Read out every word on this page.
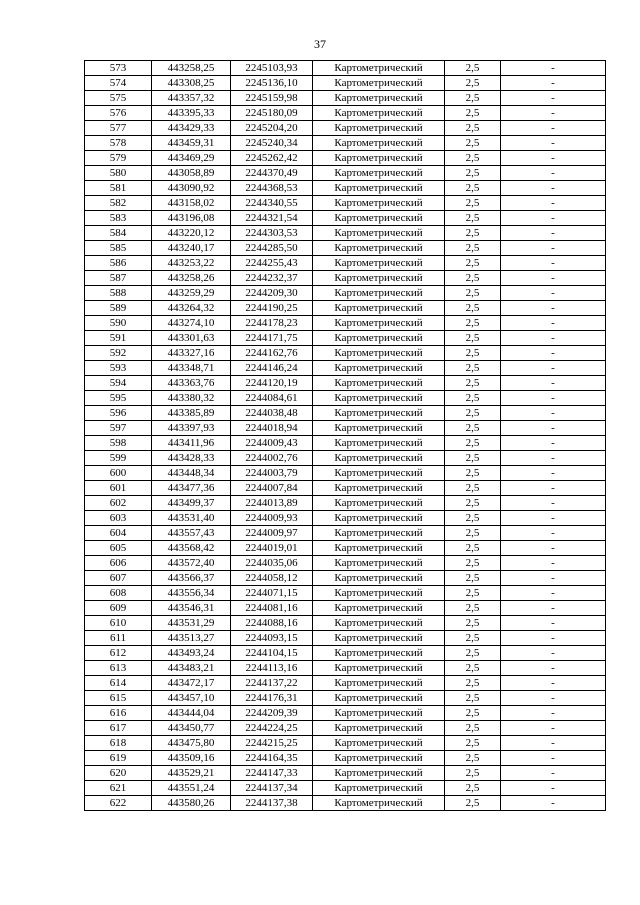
37
573	443258,25	2245103,93	Картометрический	2,5	-
574	443308,25	2245136,10	Картометрический	2,5	-
575	443357,32	2245159,98	Картометрический	2,5	-
576	443395,33	2245180,09	Картометрический	2,5	-
577	443429,33	2245204,20	Картометрический	2,5	-
578	443459,31	2245240,34	Картометрический	2,5	-
579	443469,29	2245262,42	Картометрический	2,5	-
580	443058,89	2244370,49	Картометрический	2,5	-
581	443090,92	2244368,53	Картометрический	2,5	-
582	443158,02	2244340,55	Картометрический	2,5	-
583	443196,08	2244321,54	Картометрический	2,5	-
584	443220,12	2244303,53	Картометрический	2,5	-
585	443240,17	2244285,50	Картометрический	2,5	-
586	443253,22	2244255,43	Картометрический	2,5	-
587	443258,26	2244232,37	Картометрический	2,5	-
588	443259,29	2244209,30	Картометрический	2,5	-
589	443264,32	2244190,25	Картометрический	2,5	-
590	443274,10	2244178,23	Картометрический	2,5	-
591	443301,63	2244171,75	Картометрический	2,5	-
592	443327,16	2244162,76	Картометрический	2,5	-
593	443348,71	2244146,24	Картометрический	2,5	-
594	443363,76	2244120,19	Картометрический	2,5	-
595	443380,32	2244084,61	Картометрический	2,5	-
596	443385,89	2244038,48	Картометрический	2,5	-
597	443397,93	2244018,94	Картометрический	2,5	-
598	443411,96	2244009,43	Картометрический	2,5	-
599	443428,33	2244002,76	Картометрический	2,5	-
600	443448,34	2244003,79	Картометрический	2,5	-
601	443477,36	2244007,84	Картометрический	2,5	-
602	443499,37	2244013,89	Картометрический	2,5	-
603	443531,40	2244009,93	Картометрический	2,5	-
604	443557,43	2244009,97	Картометрический	2,5	-
605	443568,42	2244019,01	Картометрический	2,5	-
606	443572,40	2244035,06	Картометрический	2,5	-
607	443566,37	2244058,12	Картометрический	2,5	-
608	443556,34	2244071,15	Картометрический	2,5	-
609	443546,31	2244081,16	Картометрический	2,5	-
610	443531,29	2244088,16	Картометрический	2,5	-
611	443513,27	2244093,15	Картометрический	2,5	-
612	443493,24	2244104,15	Картометрический	2,5	-
613	443483,21	2244113,16	Картометрический	2,5	-
614	443472,17	2244137,22	Картометрический	2,5	-
615	443457,10	2244176,31	Картометрический	2,5	-
616	443444,04	2244209,39	Картометрический	2,5	-
617	443450,77	2244224,25	Картометрический	2,5	-
618	443475,80	2244215,25	Картометрический	2,5	-
619	443509,16	2244164,35	Картометрический	2,5	-
620	443529,21	2244147,33	Картометрический	2,5	-
621	443551,24	2244137,34	Картометрический	2,5	-
622	443580,26	2244137,38	Картометрический	2,5	-
